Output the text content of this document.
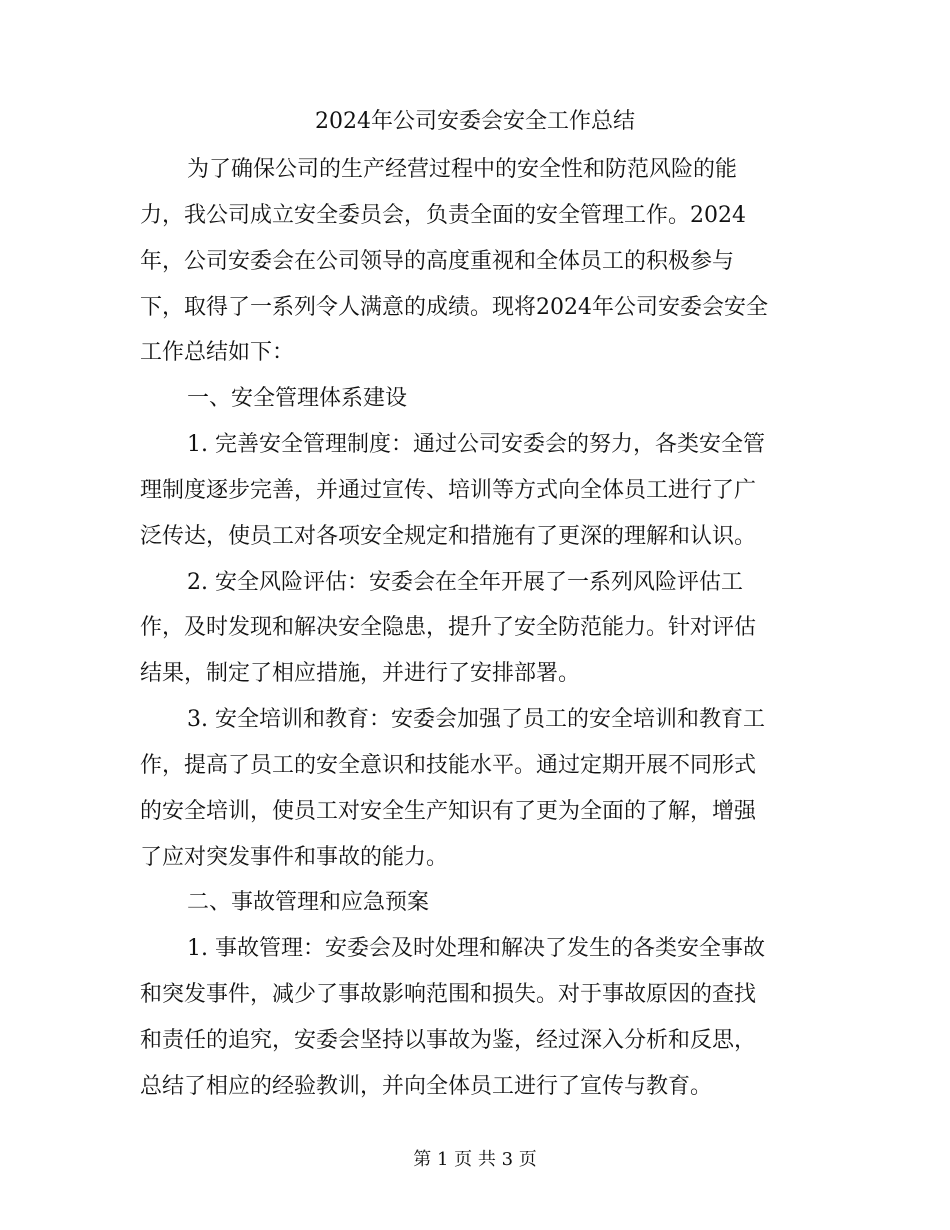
2024年公司安委会安全工作总结
为了确保公司的生产经营过程中的安全性和防范风险的能
力，我公司成立安全委员会，负责全面的安全管理工作。2024
年，公司安委会在公司领导的高度重视和全体员工的积极参与
下，取得了一系列令人满意的成绩。现将2024年公司安委会安全
工作总结如下：
一、安全管理体系建设
1. 完善安全管理制度：通过公司安委会的努力，各类安全管
理制度逐步完善，并通过宣传、培训等方式向全体员工进行了广
泛传达，使员工对各项安全规定和措施有了更深的理解和认识。
2. 安全风险评估：安委会在全年开展了一系列风险评估工
作，及时发现和解决安全隐患，提升了安全防范能力。针对评估
结果，制定了相应措施，并进行了安排部署。
3. 安全培训和教育：安委会加强了员工的安全培训和教育工
作，提高了员工的安全意识和技能水平。通过定期开展不同形式
的安全培训，使员工对安全生产知识有了更为全面的了解，增强
了应对突发事件和事故的能力。
二、事故管理和应急预案
1. 事故管理：安委会及时处理和解决了发生的各类安全事故
和突发事件，减少了事故影响范围和损失。对于事故原因的查找
和责任的追究，安委会坚持以事故为鉴，经过深入分析和反思，
总结了相应的经验教训，并向全体员工进行了宣传与教育。
第 1 页 共 3 页
